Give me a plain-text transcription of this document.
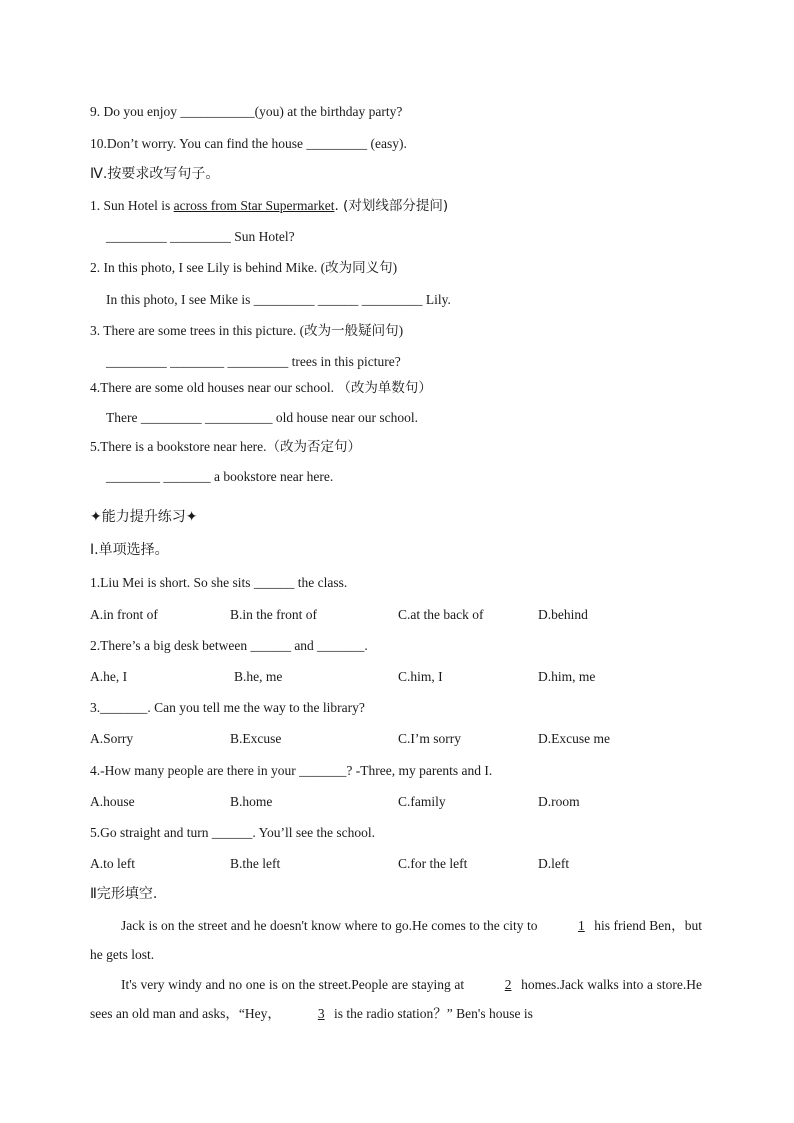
9. Do you enjoy ___________(you) at the birthday party?
10.Don’t worry. You can find the house _________ (easy).
Ⅳ.按要求改写句子。
1. Sun Hotel is across from Star Supermarket. (对划线部分提问)
_________ _________ Sun Hotel?
2. In this photo, I see Lily is behind Mike. (改为同义句)
In this photo, I see Mike is _________ ______ _________ Lily.
3. There are some trees in this picture. (改为一般疑问句)
_________ ________ _________ trees in this picture?
4.There are some old houses near our school. （改为单数句）
There _________ __________ old house near our school.
5.There is a bookstore near here.（改为否定句）
________ _______ a bookstore near here.
✦能力提升练习✦
Ⅰ.单项选择。
1.Liu Mei is short. So she sits ______ the class.
A.in front of	B.in the front of	C.at the back of	D.behind
2.There’s a big desk between ______ and _______.
A.he, I	B.he, me	C.him, I	D.him, me
3._______. Can you tell me the way to the library?
A.Sorry	B.Excuse	C.I’m sorry	D.Excuse me
4.-How many people are there in your _______? -Three, my parents and I.
A.house	B.home	C.family	D.room
5.Go straight and turn ______. You’ll see the school.
A.to left	B.the left	C.for the left	D.left
Ⅱ完形填空.
Jack is on the street and he doesn't know where to go.He comes to the city to	1 his friend Ben，but he gets lost.
It's very windy and no one is on the street.People are staying at	2 homes.Jack walks into a store.He sees an old man and asks，“Hey，	3 is the radio station？” Ben's house is
